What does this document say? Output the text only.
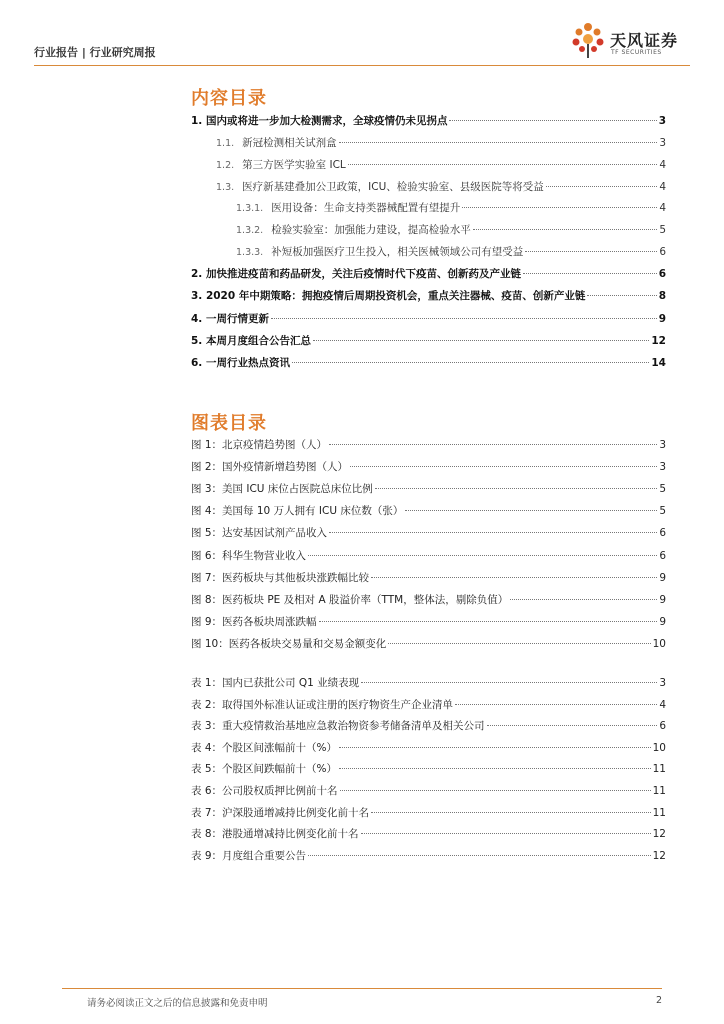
行业报告 | 行业研究周报
天风证券
TF SECURITIES
内容目录
1. 国内或将进一步加大检测需求，全球疫情仍未见拐点	3
1.1. 新冠检测相关试剂盒	3
1.2. 第三方医学实验室 ICL	4
1.3. 医疗新基建叠加公卫政策，ICU、检验实验室、县级医院等将受益	4
1.3.1. 医用设备：生命支持类器械配置有望提升	4
1.3.2. 检验实验室：加强能力建设，提高检验水平	5
1.3.3. 补短板加强医疗卫生投入，相关医械领域公司有望受益	6
2. 加快推进疫苗和药品研发，关注后疫情时代下疫苗、创新药及产业链	6
3. 2020 年中期策略：拥抱疫情后周期投资机会，重点关注器械、疫苗、创新产业链	8
4. 一周行情更新	9
5. 本周月度组合公告汇总	12
6. 一周行业热点资讯	14
图表目录
图 1：北京疫情趋势图（人）	3
图 2：国外疫情新增趋势图（人）	3
图 3：美国 ICU 床位占医院总床位比例	5
图 4：美国每 10 万人拥有 ICU 床位数（张）	5
图 5：达安基因试剂产品收入	6
图 6：科华生物营业收入	6
图 7：医药板块与其他板块涨跌幅比较	9
图 8：医药板块 PE 及相对 A 股溢价率（TTM，整体法，剔除负值）	9
图 9：医药各板块周涨跌幅	9
图 10：医药各板块交易量和交易金额变化	10
表 1：国内已获批公司 Q1 业绩表现	3
表 2：取得国外标准认证或注册的医疗物资生产企业清单	4
表 3：重大疫情救治基地应急救治物资参考储备清单及相关公司	6
表 4：个股区间涨幅前十（%）	10
表 5：个股区间跌幅前十（%）	11
表 6：公司股权质押比例前十名	11
表 7：沪深股通增减持比例变化前十名	11
表 8：港股通增减持比例变化前十名	12
表 9：月度组合重要公告	12
请务必阅读正文之后的信息披露和免责申明	2
